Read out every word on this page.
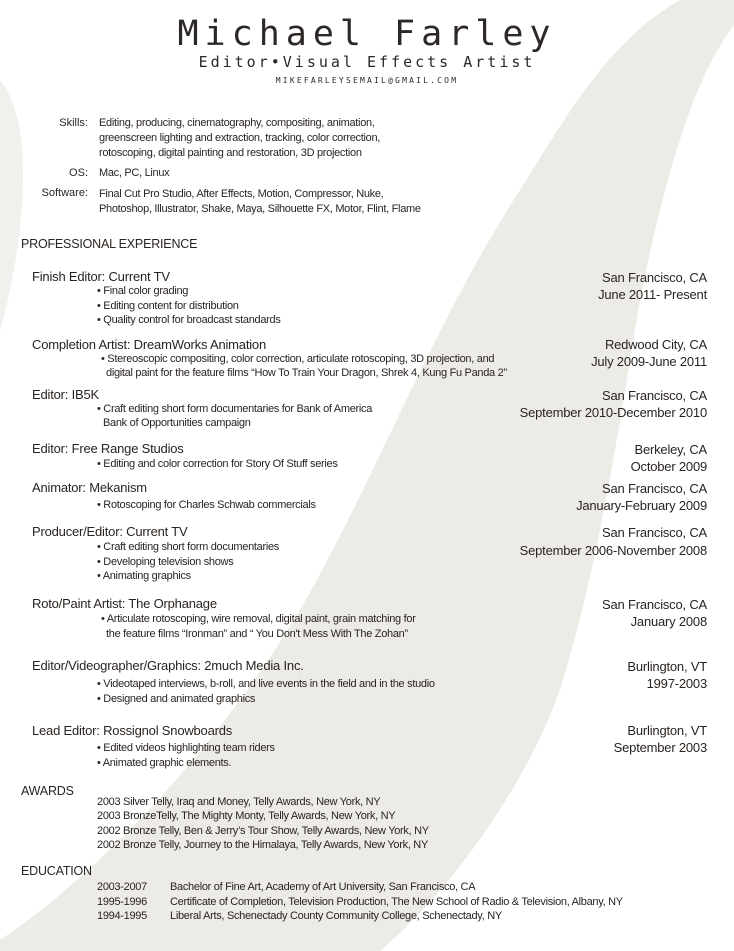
Michael Farley
Editor•Visual Effects Artist
MIKEFARLEYSEMAIL@GMAIL.COM
Skills: Editing, producing, cinematography, compositing, animation,
greenscreen lighting and extraction, tracking, color correction,
rotoscoping, digital painting and restoration, 3D projection
OS: Mac, PC, Linux
Software: Final Cut Pro Studio, After Effects, Motion, Compressor, Nuke,
Photoshop, Illustrator, Shake, Maya, Silhouette FX, Motor, Flint, Flame
PROFESSIONAL EXPERIENCE
Finish Editor: Current TV	San Francisco, CA
June 2011- Present
• Final color grading
• Editing content for distribution
• Quality control for broadcast standards
Completion Artist: DreamWorks Animation	Redwood City, CA
July 2009-June 2011
• Stereoscopic compositing, color correction, articulate rotoscoping, 3D projection, and
digital paint for the feature films “How To Train Your Dragon, Shrek 4, Kung Fu Panda 2”
Editor: IB5K	San Francisco, CA
September 2010-December 2010
• Craft editing short form documentaries for Bank of America
Bank of Opportunities campaign
Editor: Free Range Studios	Berkeley, CA
October 2009
• Editing and color correction for Story Of Stuff series
Animator: Mekanism	San Francisco, CA
January-February 2009
• Rotoscoping for Charles Schwab commercials
Producer/Editor: Current TV	San Francisco, CA
September 2006-November 2008
• Craft editing short form documentaries
• Developing television shows
• Animating graphics
Roto/Paint Artist: The Orphanage	San Francisco, CA
January 2008
• Articulate rotoscoping, wire removal, digital paint, grain matching for
the feature films “Ironman” and “ You Don't Mess With The Zohan”
Editor/Videographer/Graphics: 2much Media Inc.	Burlington, VT
1997-2003
• Videotaped interviews, b-roll, and live events in the field and in the studio
• Designed and animated graphics
Lead Editor: Rossignol Snowboards	Burlington, VT
September 2003
• Edited videos highlighting team riders
• Animated graphic elements.
AWARDS
2003 Silver Telly, Iraq and Money, Telly Awards, New York, NY
2003 BronzeTelly, The Mighty Monty, Telly Awards, New York, NY
2002 Bronze Telly, Ben & Jerry’s Tour Show, Telly Awards, New York, NY
2002 Bronze Telly, Journey to the Himalaya, Telly Awards, New York, NY
EDUCATION
2003-2007 Bachelor of Fine Art, Academy of Art University, San Francisco, CA
1995-1996 Certificate of Completion, Television Production, The New School of Radio & Television, Albany, NY
1994-1995 Liberal Arts, Schenectady County Community College, Schenectady, NY
